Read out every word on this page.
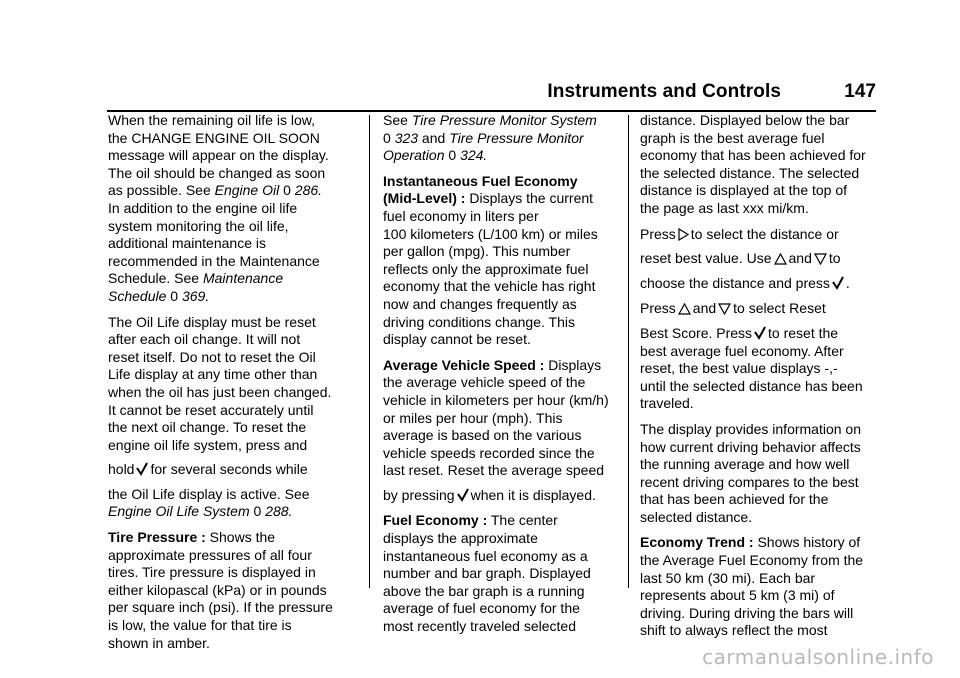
Instruments and Controls	147
When the remaining oil life is low,
the CHANGE ENGINE OIL SOON
message will appear on the display.
The oil should be changed as soon
as possible. See Engine Oil 0 286.
In addition to the engine oil life
system monitoring the oil life,
additional maintenance is
recommended in the Maintenance
Schedule. See Maintenance
Schedule 0 369.
The Oil Life display must be reset
after each oil change. It will not
reset itself. Do not to reset the Oil
Life display at any time other than
when the oil has just been changed.
It cannot be reset accurately until
the next oil change. To reset the
engine oil life system, press and
hold for several seconds while
the Oil Life display is active. See
Engine Oil Life System 0 288.
Tire Pressure : Shows the
approximate pressures of all four
tires. Tire pressure is displayed in
either kilopascal (kPa) or in pounds
per square inch (psi). If the pressure
is low, the value for that tire is
shown in amber.
See Tire Pressure Monitor System
0 323 and Tire Pressure Monitor
Operation 0 324.
Instantaneous Fuel Economy
(Mid-Level) : Displays the current
fuel economy in liters per
100 kilometers (L/100 km) or miles
per gallon (mpg). This number
reflects only the approximate fuel
economy that the vehicle has right
now and changes frequently as
driving conditions change. This
display cannot be reset.
Average Vehicle Speed : Displays
the average vehicle speed of the
vehicle in kilometers per hour (km/h)
or miles per hour (mph). This
average is based on the various
vehicle speeds recorded since the
last reset. Reset the average speed
by pressing when it is displayed.
Fuel Economy : The center
displays the approximate
instantaneous fuel economy as a
number and bar graph. Displayed
above the bar graph is a running
average of fuel economy for the
most recently traveled selected
distance. Displayed below the bar
graph is the best average fuel
economy that has been achieved for
the selected distance. The selected
distance is displayed at the top of
the page as last xxx mi/km.
Press to select the distance or
reset best value. Use and to
choose the distance and press .
Press and to select Reset
Best Score. Press to reset the
best average fuel economy. After
reset, the best value displays -,-
until the selected distance has been
traveled.
The display provides information on
how current driving behavior affects
the running average and how well
recent driving compares to the best
that has been achieved for the
selected distance.
Economy Trend : Shows history of
the Average Fuel Economy from the
last 50 km (30 mi). Each bar
represents about 5 km (3 mi) of
driving. During driving the bars will
shift to always reflect the most
carmanualsonline.info
